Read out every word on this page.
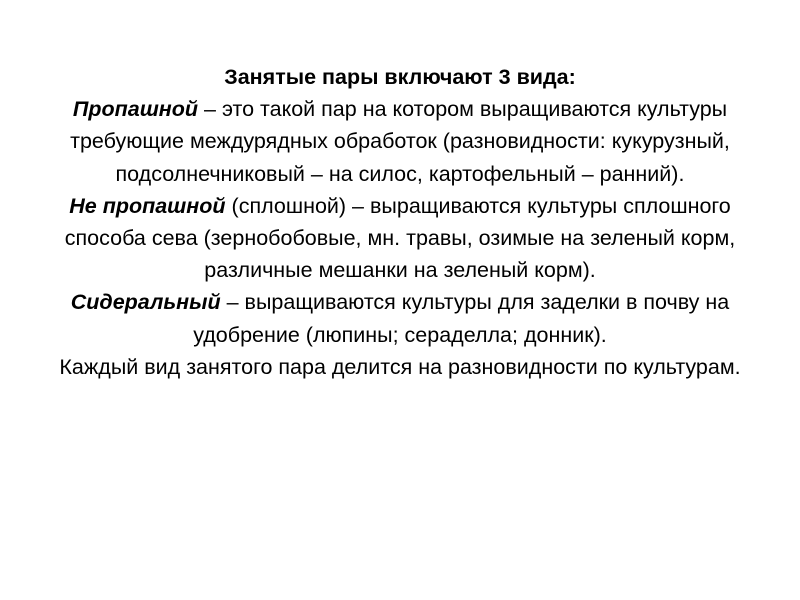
Занятые пары включают 3 вида:

Пропашной – это такой пар на котором выращиваются культуры требующие междурядных обработок (разновидности: кукурузный, подсолнечниковый – на силос, картофельный – ранний).

Не пропашной (сплошной) – выращиваются культуры сплошного способа сева (зернобобовые, мн. травы, озимые на зеленый корм, различные мешанки на зеленый корм).

Сидеральный – выращиваются культуры для заделки в почву на удобрение (люпины; сераделла; донник).

Каждый вид занятого пара делится на разновидности по культурам.
